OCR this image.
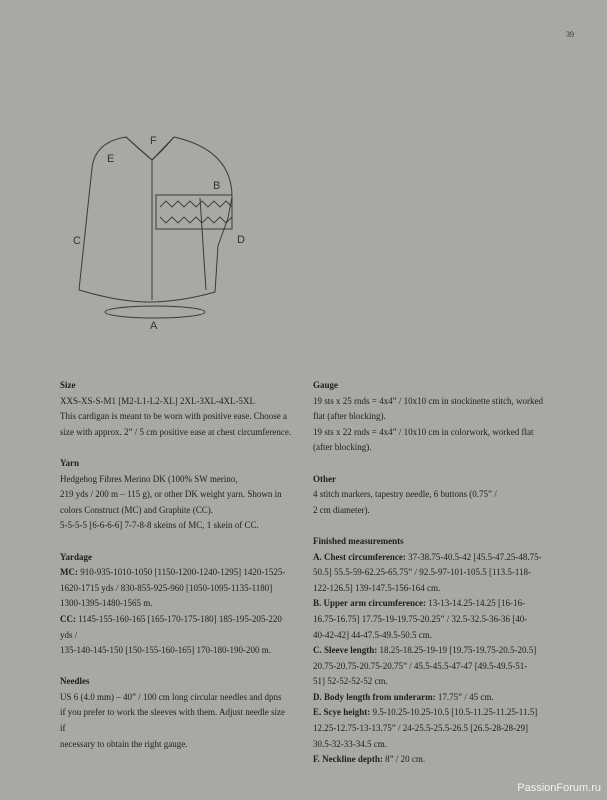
39
A
B
C	D
E
F
Size

XXS-XS-S-M1 [M2-L1-L2-XL] 2XL-3XL-4XL-5XL

This cardigan is meant to be worn with positive ease. Choose a

size with approx. 2” / 5 cm positive ease at chest circumference.

Yarn

Hedgehog Fibres Merino DK (100% SW merino,

219 yds / 200 m – 115 g), or other DK weight yarn. Shown in

colors Construct (MC) and Graphite (CC).

5-5-5-5 [6-6-6-6] 7-7-8-8 skeins of MC, 1 skein of CC.

Yardage

MC: 910-935-1010-1050 [1150-1200-1240-1295] 1420-1525-

1620-1715 yds / 830-855-925-960 [1050-1095-1135-1180]

1300-1395-1480-1565 m.

CC: 1145-155-160-165 [165-170-175-180] 185-195-205-220 yds /

135-140-145-150 [150-155-160-165] 170-180-190-200 m.

Needles

US 6 (4.0 mm) – 40” / 100 cm long circular needles and dpns

if you prefer to work the sleeves with them. Adjust needle size if

necessary to obtain the right gauge.

Gauge

19 sts x 25 rnds = 4x4” / 10x10 cm in stockinette stitch, worked

flat (after blocking).

19 sts x 22 rnds = 4x4” / 10x10 cm in colorwork, worked flat

(after blocking).

Other

4 stitch markers, tapestry needle, 6 buttons (0.75” /

2 cm diameter).

Finished measurements

A. Chest circumference: 37-38.75-40.5-42 [45.5-47.25-48.75-

50.5] 55.5-59-62.25-65.75” / 92.5-97-101-105.5 [113.5-118-

122-126.5] 139-147.5-156-164 cm.

B. Upper arm circumference: 13-13-14.25-14.25 [16-16-

16.75-16.75] 17.75-19-19.75-20.25” / 32.5-32.5-36-36 [40-

40-42-42] 44-47.5-49.5-50.5 cm.

C. Sleeve length: 18.25-18.25-19-19 [19.75-19.75-20.5-20.5]

20.75-20.75-20.75-20.75” / 45.5-45.5-47-47 [49.5-49.5-51-

51] 52-52-52-52 cm.

D. Body length from underarm: 17.75” / 45 cm.

E. Scye height: 9.5-10.25-10.25-10.5 [10.5-11.25-11.25-11.5]

12.25-12.75-13-13.75” / 24-25.5-25.5-26.5 [26.5-28-28-29]

30.5-32-33-34.5 cm.

F. Neckline depth: 8” / 20 cm.

PassionForum.ru
